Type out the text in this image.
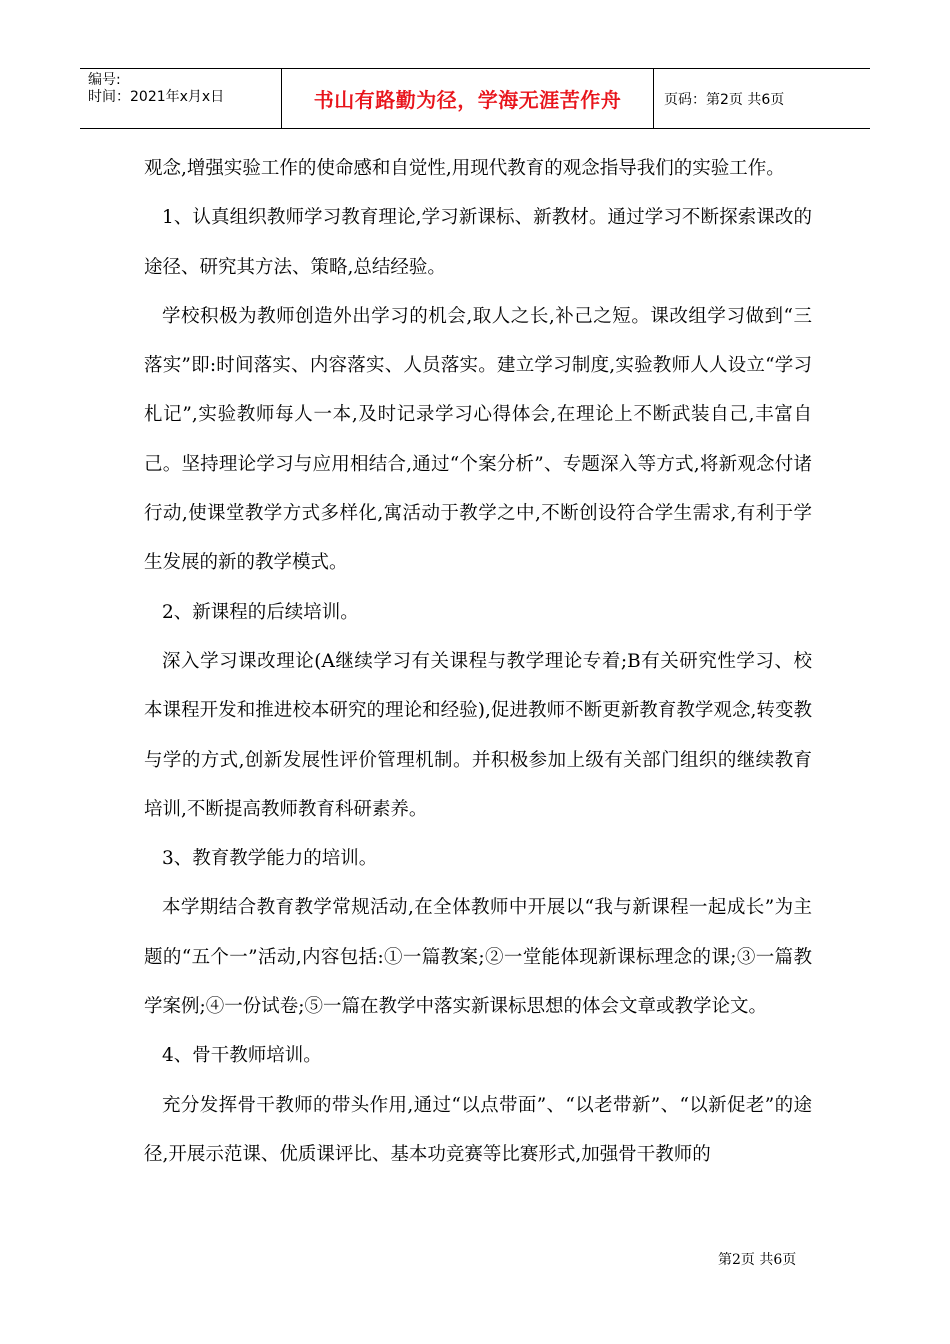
编号:
时间：2021年x月x日	书山有路勤为径，学海无涯苦作舟	页码：第2页 共6页

观念,增强实验工作的使命感和自觉性,用现代教育的观念指导我们的实验工作。

1、认真组织教师学习教育理论,学习新课标、新教材。通过学习不断探索课改的途径、研究其方法、策略,总结经验。

学校积极为教师创造外出学习的机会,取人之长,补己之短。课改组学习做到“三落实”即:时间落实、内容落实、人员落实。建立学习制度,实验教师人人设立“学习札记”,实验教师每人一本,及时记录学习心得体会,在理论上不断武装自己,丰富自己。坚持理论学习与应用相结合,通过“个案分析”、专题深入等方式,将新观念付诸行动,使课堂教学方式多样化,寓活动于教学之中,不断创设符合学生需求,有利于学生发展的新的教学模式。

2、新课程的后续培训。

深入学习课改理论(A继续学习有关课程与教学理论专着;B有关研究性学习、校本课程开发和推进校本研究的理论和经验),促进教师不断更新教育教学观念,转变教与学的方式,创新发展性评价管理机制。并积极参加上级有关部门组织的继续教育培训,不断提高教师教育科研素养。

3、教育教学能力的培训。

本学期结合教育教学常规活动,在全体教师中开展以“我与新课程一起成长”为主题的“五个一”活动,内容包括:①一篇教案;②一堂能体现新课标理念的课;③一篇教学案例;④一份试卷;⑤一篇在教学中落实新课标思想的体会文章或教学论文。

4、骨干教师培训。

充分发挥骨干教师的带头作用,通过“以点带面”、“以老带新”、“以新促老”的途径,开展示范课、优质课评比、基本功竞赛等比赛形式,加强骨干教师的

第2页 共6页
